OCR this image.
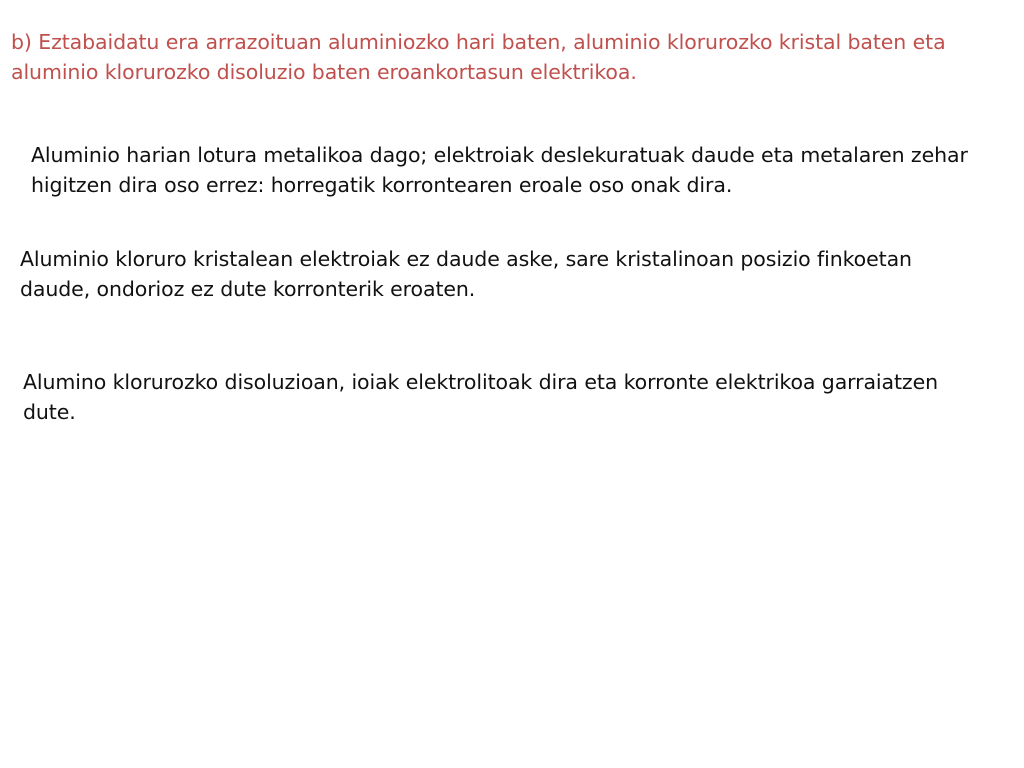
b) Eztabaidatu era arrazoituan aluminiozko hari baten, aluminio klorurozko kristal baten eta aluminio klorurozko disoluzio baten eroankortasun elektrikoa.

Aluminio harian lotura metalikoa dago; elektroiak deslekuratuak daude eta metalaren zehar higitzen dira oso errez: horregatik korrontearen eroale oso onak dira.

Aluminio kloruro kristalean elektroiak ez daude aske, sare kristalinoan posizio finkoetan daude, ondorioz ez dute korronterik eroaten.

Alumino klorurozko disoluzioan, ioiak elektrolitoak dira eta korronte elektrikoa garraiatzen dute.
